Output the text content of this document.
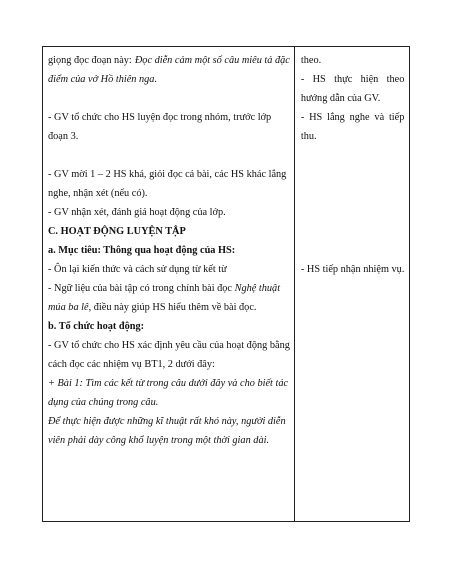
giọng đọc đoạn này: Đọc diễn cảm một số câu miêu tả đặc
điểm của vở Hồ thiên nga.
- GV tổ chức cho HS luyện đọc trong nhóm, trước lớp
đoạn 3.
- GV mời 1 – 2 HS khá, giỏi đọc cả bài, các HS khác lắng
nghe, nhận xét (nếu có).
- GV nhận xét, đánh giá hoạt động của lớp.
C. HOẠT ĐỘNG LUYỆN TẬP
a. Mục tiêu: Thông qua hoạt động của HS:
- Ôn lại kiến thức và cách sử dụng từ kết từ
- Ngữ liệu của bài tập có trong chính bài đọc Nghệ thuật
múa ba lê, điều này giúp HS hiểu thêm về bài đọc.
b. Tổ chức hoạt động:
- GV tổ chức cho HS xác định yêu cầu của hoạt động bằng
cách đọc các nhiệm vụ BT1, 2 dưới đây:
+ Bài 1: Tìm các kết từ trong câu dưới đây và cho biết tác
dụng của chúng trong câu.
Để thực hiện được những kĩ thuật rất khó này, người diễn
viên phải dày công khổ luyện trong một thời gian dài.
theo.
- HS thực hiện theo
hướng dẫn của GV.
- HS lắng nghe và tiếp
thu.
- HS tiếp nhận nhiệm vụ.
